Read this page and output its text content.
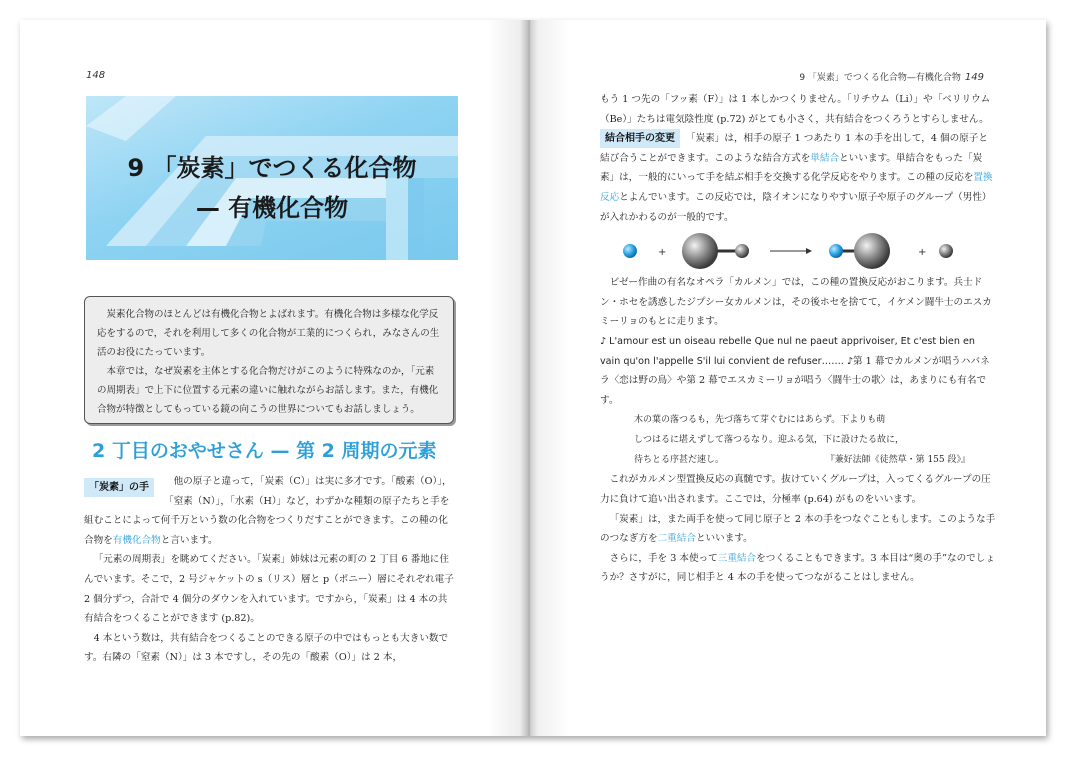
148
9 「炭素」でつくる化合物
— 有機化合物

炭素化合物のほとんどは有機化合物とよばれます。有機化合物は多様な化学反応をするので，それを利用して多くの化合物が工業的につくられ，みなさんの生活のお役にたっています。

本章では，なぜ炭素を主体とする化合物だけがこのように特殊なのか，「元素の周期表」で上下に位置する元素の違いに触れながらお話します。また，有機化合物が特徴としてもっている鏡の向こうの世界についてもお話しましょう。

2 丁目のおやせさん — 第 2 周期の元素
「炭素」の手

他の原子と違って，「炭素（C）」は実に多才です。「酸素（O）」，「窒素（N）」，「水素（H）」など，わずかな種類の原子たちと手を組むことによって何千万という数の化合物をつくりだすことができます。この種の化合物を有機化合物と言います。

「元素の周期表」を眺めてください。「炭素」姉妹は元素の町の 2 丁目 6 番地に住んでいます。そこで，2 号ジャケットの s（リス）層と p（ポニー）層にそれぞれ電子 2 個分ずつ，合計で 4 個分のダウンを入れています。ですから，「炭素」は 4 本の共有結合をつくることができます (p.82)。

4 本という数は，共有結合をつくることのできる原子の中ではもっとも大きい数です。右隣の「窒素（N）」は 3 本ですし，その先の「酸素（O）」は 2 本，

9 「炭素」でつくる化合物—有機化合物 149

もう 1 つ先の「フッ素（F）」は 1 本しかつくりません。「リチウム（Li）」や「ベリリウム（Be）」たちは電気陰性度 (p.72) がとても小さく，共有結合をつくろうとすらしません。

結合相手の変更 「炭素」は，相手の原子 1 つあたり 1 本の手を出して，4 個の原子と結び合うことができます。このような結合方式を単結合といいます。単結合をもった「炭素」は，一般的にいって手を結ぶ相手を交換する化学反応をやります。この種の反応を置換反応とよんでいます。この反応では，陰イオンになりやすい原子や原子のグループ（男性）が入れかわるのが一般的です。

+	+

ビゼー作曲の有名なオペラ「カルメン」では，この種の置換反応がおこります。兵士ドン・ホセを誘惑したジプシー女カルメンは，その後ホセを捨てて，イケメン闘牛士のエスカミーリョのもとに走ります。

♪ L'amour est un oiseau rebelle Que nul ne paeut apprivoiser, Et c'est bien en vain qu'on l'appelle S'il lui convient de refuser……. ♪第 1 幕でカルメンが唱うハバネラ〈恋は野の鳥〉や第 2 幕でエスカミーリョが唱う〈闘牛士の歌〉は，あまりにも有名です。

木の葉の落つるも，先づ落ちて芽ぐむにはあらず。下よりも萌
しつはるに堪えずして落つるなり。迎ふる気，下に設けたる故に，
待ちとる序甚だ速し。	『兼好法師《徒然草・第 155 段》』

これがカルメン型置換反応の真髄です。抜けていくグループは，入ってくるグループの圧力に負けて追い出されます。ここでは，分極率 (p.64) がものをいいます。

「炭素」は，また両手を使って同じ原子と 2 本の手をつなぐこともします。このような手のつなぎ方を二重結合といいます。

さらに，手を 3 本使って三重結合をつくることもできます。3 本目は“奥の手”なのでしょうか？さすがに，同じ相手と 4 本の手を使ってつながることはしません。
